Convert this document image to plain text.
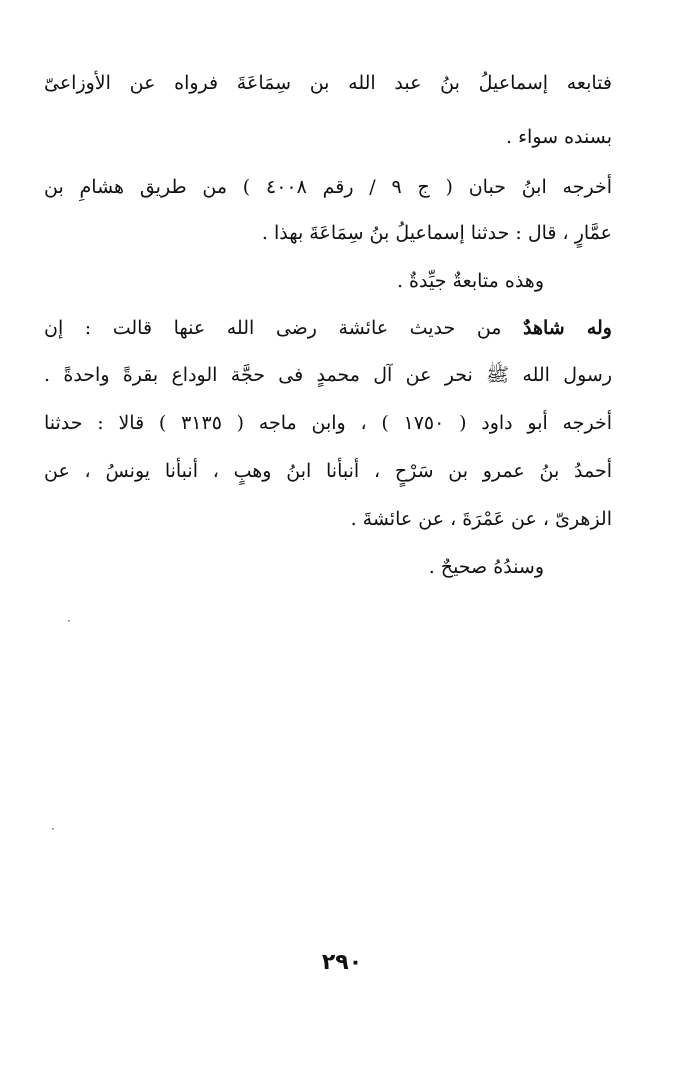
فتابعه إسماعيلُ بنُ عبد الله بن سِمَاعَةَ فرواه عن الأوزاعىّ
بسنده سواء .
أخرجه ابنُ حبان ( ج ٩ / رقم ٤٠٠٨ ) من طريق هشامِ بن
عمَّارٍ ، قال : حدثنا إسماعيلُ بنُ سِمَاعَةَ بهذا .
وهذه متابعةٌ جيِّدةٌ .
وله شاهدٌ من حديث عائشة رضى الله عنها قالت : إن
رسول الله ﷺ نحر عن آل محمدٍ فى حجَّة الوداع بقرةً واحدةً .
أخرجه أبو داود ( ١٧٥٠ ) ، وابن ماجه ( ٣١٣٥ ) قالا : حدثنا
أحمدُ بنُ عمرو بن سَرْحٍ ، أنبأنا ابنُ وهبٍ ، أنبأنا يونسُ ، عن
الزهرىّ ، عن عَمْرَةَ ، عن عائشةَ .
وسندُهُ صحيحٌ .
٢٩٠
